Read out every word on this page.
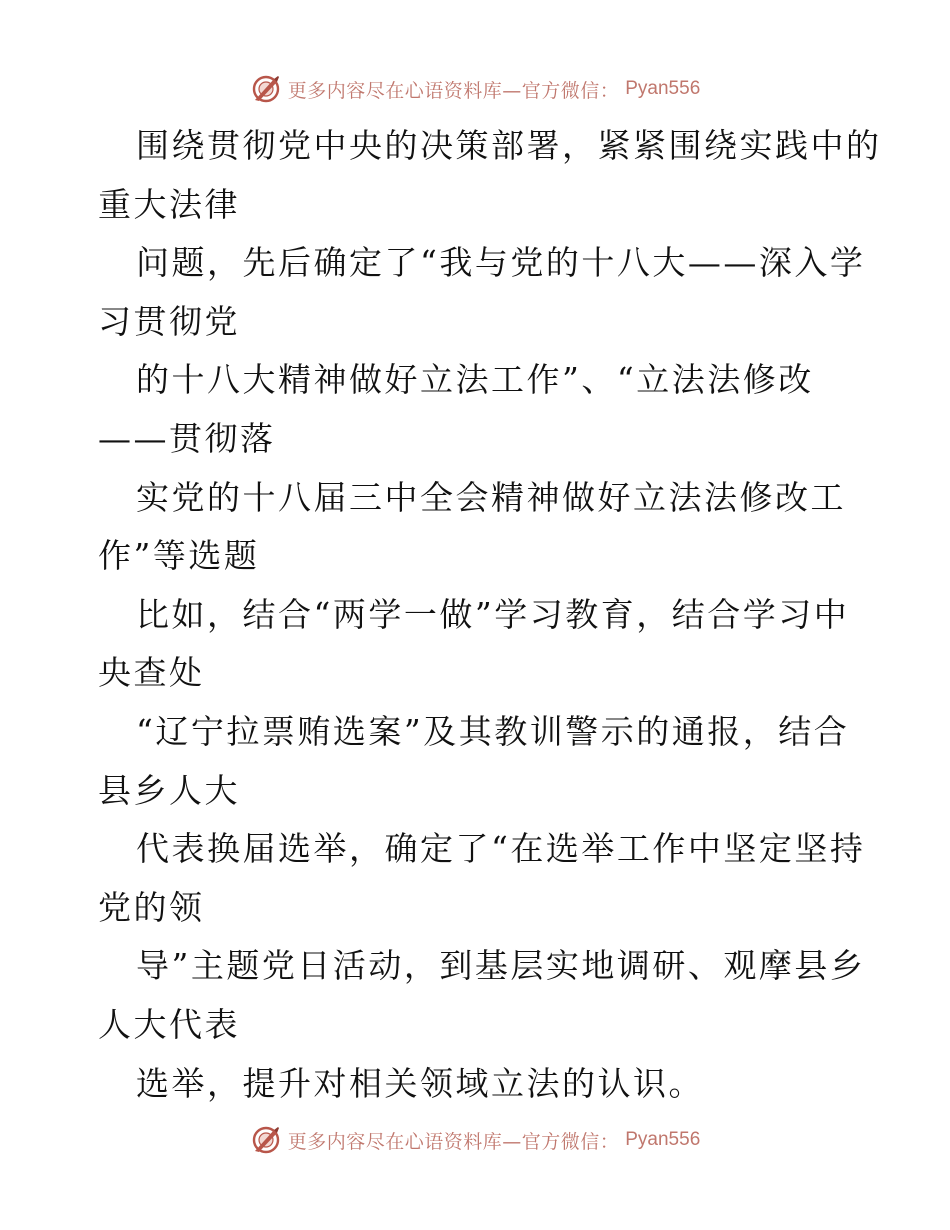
更多内容尽在心语资料库—官方微信： Pyan556
围绕贯彻党中央的决策部署，紧紧围绕实践中的
重大法律
问题，先后确定了“我与党的十八大——深入学
习贯彻党
的十八大精神做好立法工作”、“立法法修改
——贯彻落
实党的十八届三中全会精神做好立法法修改工
作”等选题
比如，结合“两学一做”学习教育，结合学习中
央查处
“辽宁拉票贿选案”及其教训警示的通报，结合
县乡人大
代表换届选举，确定了“在选举工作中坚定坚持
党的领
导”主题党日活动，到基层实地调研、观摩县乡
人大代表
选举，提升对相关领域立法的认识。
更多内容尽在心语资料库—官方微信： Pyan556
